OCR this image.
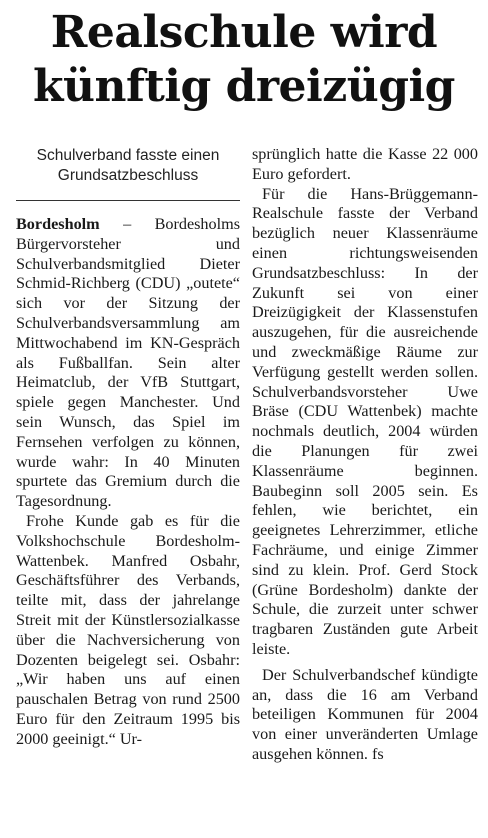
Realschule wird
künftig dreizügig
Schulverband fasste einen Grundsatzbeschluss

Bordesholm – Bordesholms Bürgervorsteher und Schulverbandsmitglied Dieter Schmid-Richberg (CDU) „outete“ sich vor der Sitzung der Schulverbandsversammlung am Mittwochabend im KN-Gespräch als Fußballfan. Sein alter Heimatclub, der VfB Stuttgart, spiele gegen Manchester. Und sein Wunsch, das Spiel im Fernsehen verfolgen zu können, wurde wahr: In 40 Minuten spurtete das Gremium durch die Tagesordnung.

Frohe Kunde gab es für die Volkshochschule Bordesholm-Wattenbek. Manfred Osbahr, Geschäftsführer des Verbands, teilte mit, dass der jahrelange Streit mit der Künstlersozialkasse über die Nachversicherung von Dozenten beigelegt sei. Osbahr: „Wir haben uns auf einen pauschalen Betrag von rund 2500 Euro für den Zeitraum 1995 bis 2000 geeinigt.“ Ur-

sprünglich hatte die Kasse 22 000 Euro gefordert.

Für die Hans-Brüggemann-Realschule fasste der Verband bezüglich neuer Klassenräume einen richtungsweisenden Grundsatzbeschluss: In der Zukunft sei von einer Dreizügigkeit der Klassenstufen auszugehen, für die ausreichende und zweckmäßige Räume zur Verfügung gestellt werden sollen. Schulverbandsvorsteher Uwe Bräse (CDU Wattenbek) machte nochmals deutlich, 2004 würden die Planungen für zwei Klassenräume beginnen. Baubeginn soll 2005 sein. Es fehlen, wie berichtet, ein geeignetes Lehrerzimmer, etliche Fachräume, und einige Zimmer sind zu klein. Prof. Gerd Stock (Grüne Bordesholm) dankte der Schule, die zurzeit unter schwer tragbaren Zuständen gute Arbeit leiste.

Der Schulverbandschef kündigte an, dass die 16 am Verband beteiligen Kommunen für 2004 von einer unveränderten Umlage ausgehen können. fs
